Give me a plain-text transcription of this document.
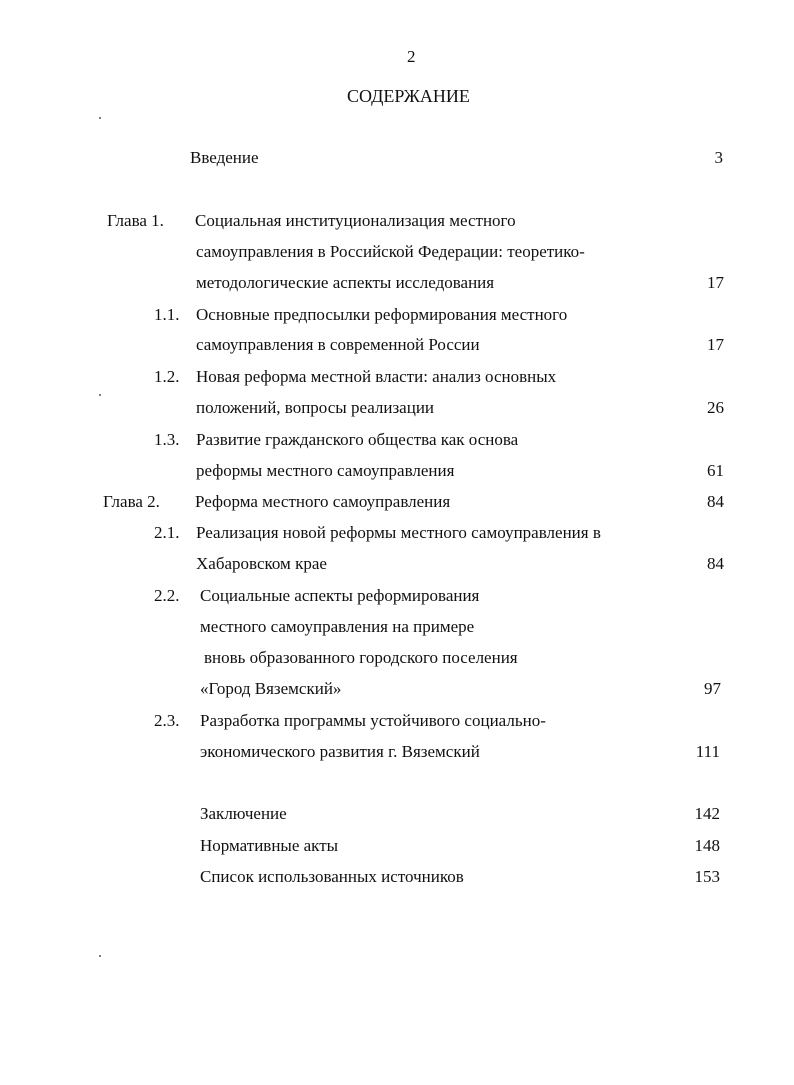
2
СОДЕРЖАНИЕ
Введение	3
Глава 1. Социальная институционализация местного
самоуправления в Российской Федерации: теоретико-
методологические аспекты исследования	17
1.1. Основные предпосылки реформирования местного
самоуправления в современной России	17
1.2. Новая реформа местной власти: анализ основных
положений, вопросы реализации	26
1.3. Развитие гражданского общества как основа
реформы местного самоуправления	61
Глава 2. Реформа местного самоуправления	84
2.1. Реализация новой реформы местного самоуправления в
Хабаровском крае	84
2.2. Социальные аспекты реформирования
местного самоуправления на примере
вновь образованного городского поселения
«Город Вяземский»	97
2.3. Разработка программы устойчивого социально-
экономического развития г. Вяземский	111
Заключение	142
Нормативные акты	148
Список использованных источников	153
